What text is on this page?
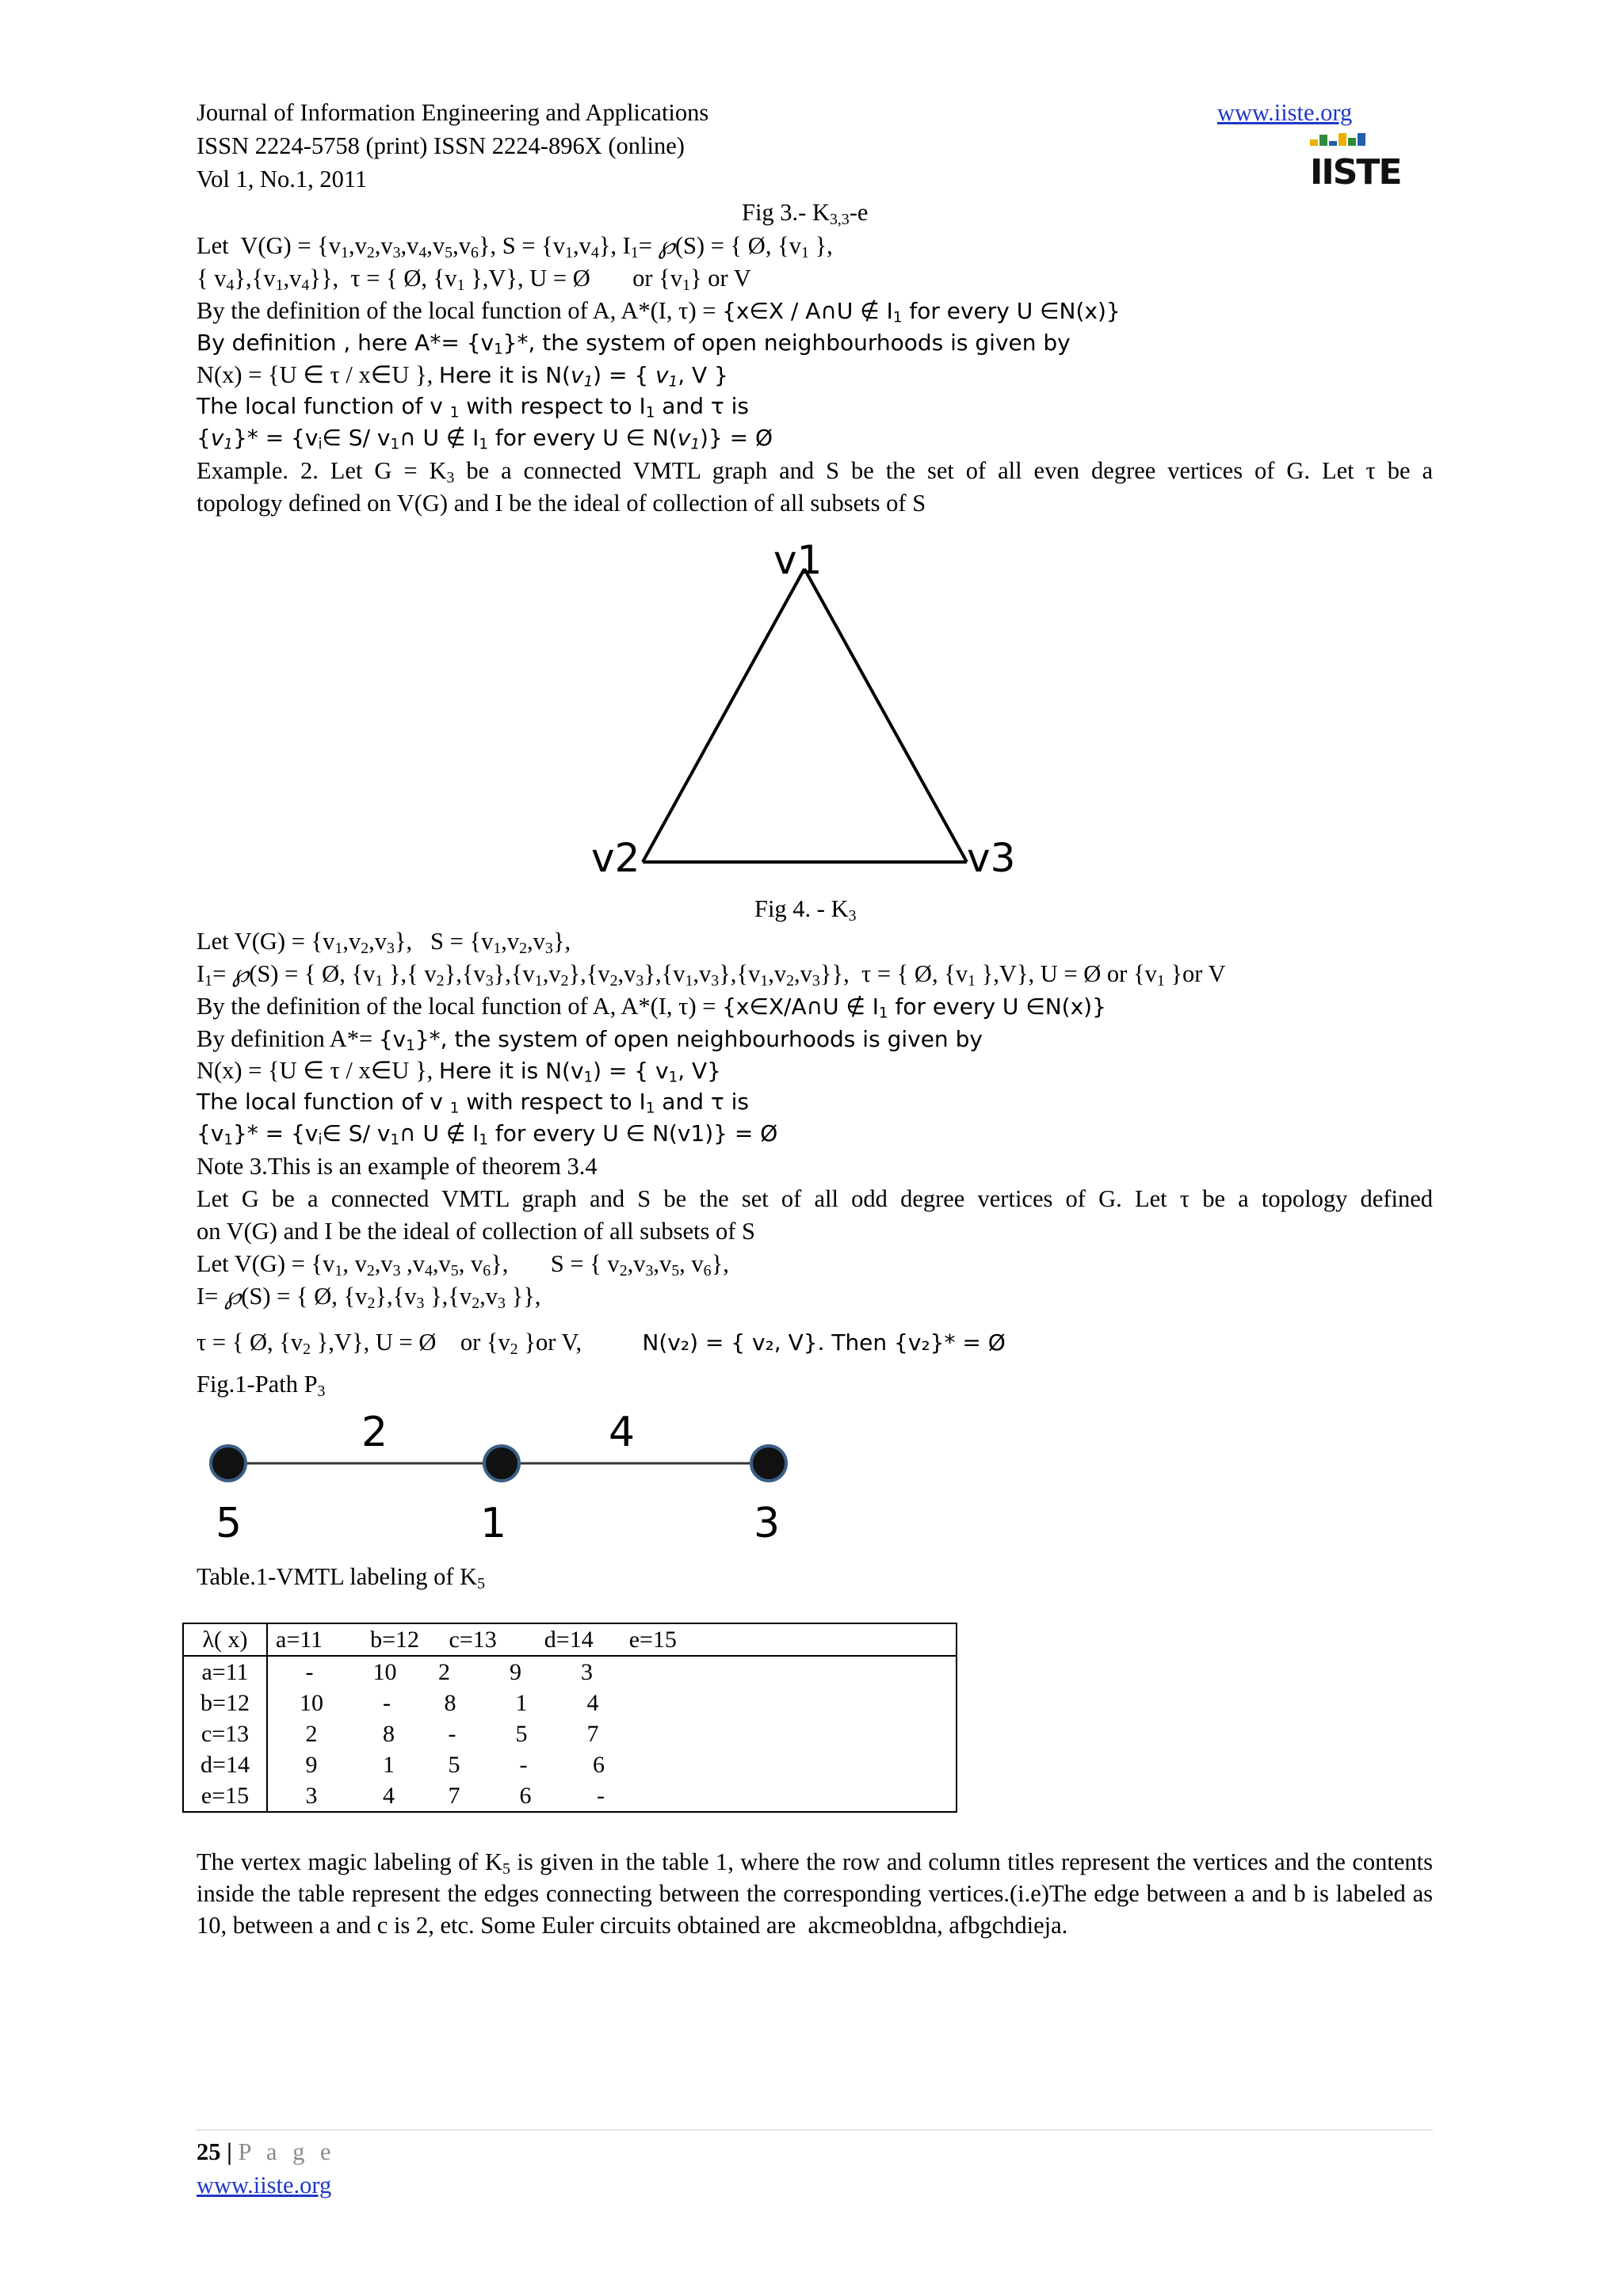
Journal of Information Engineering and Applications
ISSN 2224-5758 (print) ISSN 2224-896X (online)
Vol 1, No.1, 2011
www.iiste.org
IISTE
Fig 3.- $K_{3,3}-e$
Let  $V(G) = \{v_1,v_2,v_3,v_4,v_5,v_6\}$, $S = \{v_1,v_4\}$, $I_1=$ ℘(S) = { Ø, {$v_1$ },
{ $v_4\},\{v_1,v_4\}$},  τ = { Ø, {$v_1$ },V}, U = Ø       or $\{v_1\}$ or V
By the definition of the local function of A, A*(I, τ) = {x∈X / A∩U ∉ $I_1$ for every U ∈N(x)}
By definition , here $A*= \{v_1\}*$, the system of open neighbourhoods is given by
N(x) = {U ∈ τ / x∈U }, Here it is $N(v_1)$ = { $v_1$, V }
The local function of v $_1$ with respect to $I_1$ and τ is
$\{v_1\}*$ = {$v_i\in$ S/ $v_1\cap$ U ∉ $I_1$ for every U ∈ $N(v_1)$} = Ø
Example. 2. Let $G = K_3$ be a connected VMTL graph and S be the set of all even degree vertices of G. Let τ be a
topology defined on V(G) and I be the ideal of collection of all subsets of S
v1
v2	v3
Fig 4. - $K_3$
Let $V(G) = \{v_1,v_2,v_3\}$,   $S = \{v_1,v_2,v_3\}$,
$I_1=$ ℘(S) = { Ø, {$v_1$ },{ $v_2\},\{v_3\},\{v_1,v_2\},\{v_2,v_3\},\{v_1,v_3\},\{v_1,v_2,v_3\}$},  τ = { Ø, {$v_1$ },V}, U = Ø or {$v_1$ }or V
By the definition of the local function of A, A*(I, τ) = {x∈X/A∩U ∉ $I_1$ for every U ∈N(x)}
By definition $A*= \{v_1\}*$, the system of open neighbourhoods is given by
N(x) = {U ∈ τ / x∈U }, Here it is $N(v_1)$ = { $v_1$, V}
The local function of v $_1$ with respect to $I_1$ and τ is
$\{v_1\}*$ = {$v_i\in$ S/ $v_1\cap$ U ∉ $I_1$ for every U ∈ N(v1)} = Ø
Note 3.This is an example of theorem 3.4
Let G be a connected VMTL graph and S be the set of all odd degree vertices of G. Let τ be a topology defined
on V(G) and I be the ideal of collection of all subsets of S
Let $V(G) = \{v_1$, $v_2,v_3$ $,v_4,v_5$, $v_6$},       S = { $v_2,v_3,v_5$, $v_6$},
I= ℘(S) = { Ø, $\{v_2\},\{v_3$ }$,\{v_2,v_3$ }},
τ = { Ø, {$v_2$ },V}, U = Ø    or {$v_2$ }or V,          N(v₂) = { v₂, V}. Then {v₂}* = Ø
Fig.1-Path $P_3$
2	4
5	1	3
Table.1-VMTL labeling of $K_5$
λ( x)	a=11        b=12     c=13        d=14      e=15
a=11	-          10       2          9          3
b=12	10          -         8          1          4
c=13	2           8         -          5          7
d=14	9           1         5          -           6
e=15	3           4         7          6           -
The vertex magic labeling of $K_5$ is given in the table 1, where the row and column titles represent the vertices and the contents inside the table represent the edges connecting between the corresponding vertices.(i.e)The edge between a and b is labeled as 10, between a and c is 2, etc. Some Euler circuits obtained are  akcmeobldna, afbgchdieja.
25 | P a g e
www.iiste.org
